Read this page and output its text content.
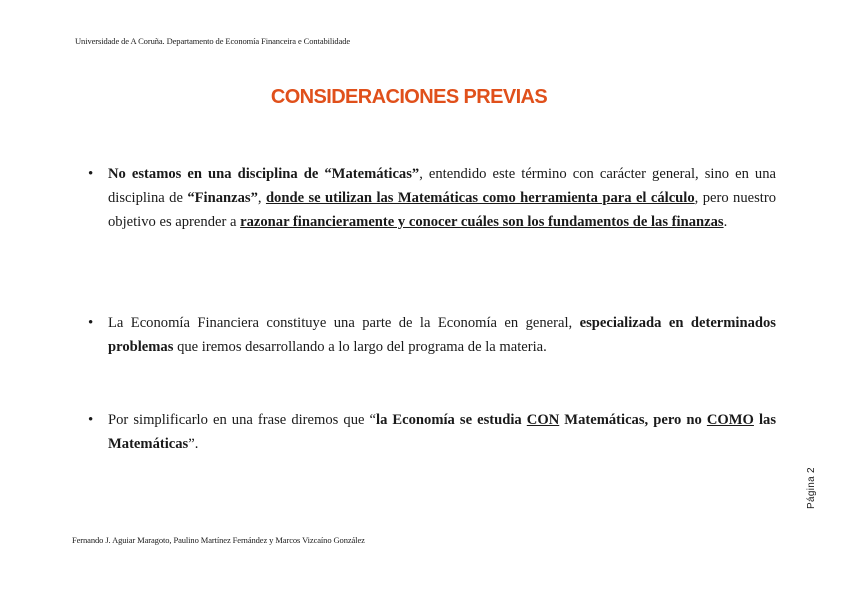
Universidade de A Coruña. Departamento de Economía Financeira e Contabilidade
CONSIDERACIONES PREVIAS
• No estamos en una disciplina de “Matemáticas”, entendido este término con carácter general, sino en una disciplina de “Finanzas”, donde se utilizan las Matemáticas como herramienta para el cálculo, pero nuestro objetivo es aprender a razonar financieramente y conocer cuáles son los fundamentos de las finanzas.
• La Economía Financiera constituye una parte de la Economía en general, especializada en determinados problemas que iremos desarrollando a lo largo del programa de la materia.
• Por simplificarlo en una frase diremos que “la Economía se estudia CON Matemáticas, pero no COMO las Matemáticas”.
Página 2
Fernando J. Aguiar Maragoto, Paulino Martínez Fernández y Marcos Vizcaíno González
